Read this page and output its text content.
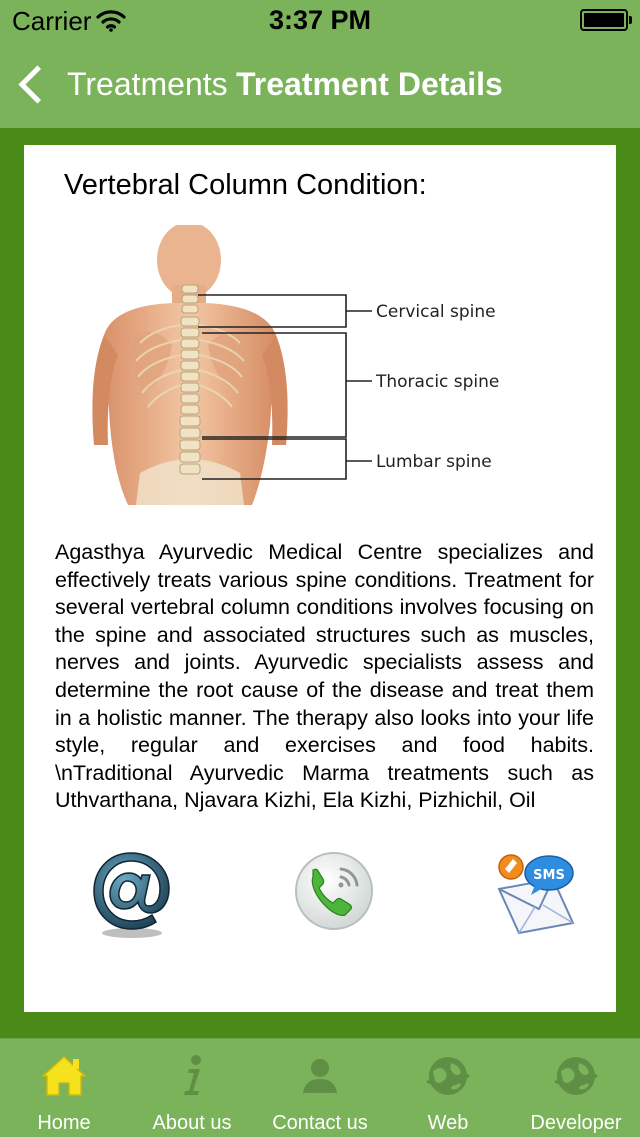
Carrier	3:37 PM
Treatments Treatment Details
Vertebral Column Condition:
Cervical spine
Thoracic spine
Lumbar spine
Agasthya Ayurvedic Medical Centre specializes and effectively treats various spine conditions. Treatment for several vertebral column conditions involves focusing on the spine and associated structures such as muscles, nerves and joints. Ayurvedic specialists assess and determine the root cause of the disease and treat them in a holistic manner. The therapy also looks into your life style, regular and exercises and food habits. \nTraditional Ayurvedic Marma treatments such as Uthvarthana, Njavara Kizhi, Ela Kizhi, Pizhichil, Oil
SMS
Home	About us	Contact us	Web	Developer
